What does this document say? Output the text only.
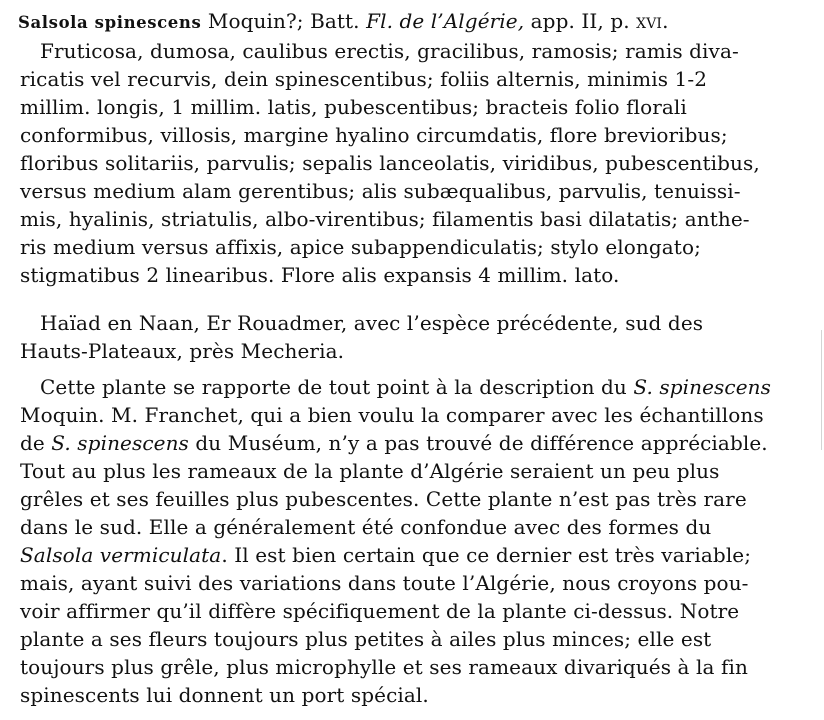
Salsola spinescens Moquin?; Batt. Fl. de l’Algérie, app. II, p. xvi.
Fruticosa, dumosa, caulibus erectis, gracilibus, ramosis; ramis diva-
ricatis vel recurvis, dein spinescentibus; foliis alternis, minimis 1-2
millim. longis, 1 millim. latis, pubescentibus; bracteis folio florali
conformibus, villosis, margine hyalino circumdatis, flore brevioribus;
floribus solitariis, parvulis; sepalis lanceolatis, viridibus, pubescentibus,
versus medium alam gerentibus; alis subæqualibus, parvulis, tenuissi-
mis, hyalinis, striatulis, albo-virentibus; filamentis basi dilatatis; anthe-
ris medium versus affixis, apice subappendiculatis; stylo elongato;
stigmatibus 2 linearibus. Flore alis expansis 4 millim. lato.
Haïad en Naan, Er Rouadmer, avec l’espèce précédente, sud des
Hauts-Plateaux, près Mecheria.
Cette plante se rapporte de tout point à la description du S. spinescens
Moquin. M. Franchet, qui a bien voulu la comparer avec les échantillons
de S. spinescens du Muséum, n’y a pas trouvé de différence appréciable.
Tout au plus les rameaux de la plante d’Algérie seraient un peu plus
grêles et ses feuilles plus pubescentes. Cette plante n’est pas très rare
dans le sud. Elle a généralement été confondue avec des formes du
Salsola vermiculata. Il est bien certain que ce dernier est très variable;
mais, ayant suivi des variations dans toute l’Algérie, nous croyons pou-
voir affirmer qu’il diffère spécifiquement de la plante ci-dessus. Notre
plante a ses fleurs toujours plus petites à ailes plus minces; elle est
toujours plus grêle, plus microphylle et ses rameaux divariqués à la fin
spinescents lui donnent un port spécial.
